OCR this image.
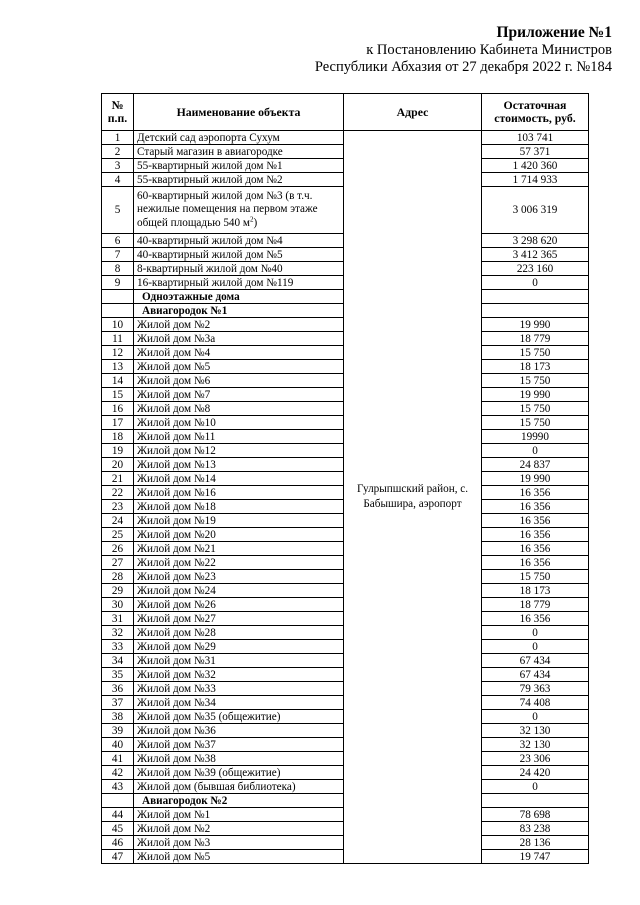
Приложение №1
к Постановлению Кабинета Министров
Республики Абхазия от 27 декабря 2022 г. №184
№
п.п.	Наименование объекта	Адрес	Остаточная стоимость, руб.
1	Детский сад аэропорта Сухум	Гулрыпшский район, с. Бабышира, аэропорт	103 741
2	Старый магазин в авиагородке		57 371
3	55-квартирный жилой дом №1		1 420 360
4	55-квартирный жилой дом №2		1 714 933
5	60-квартирный жилой дом №3 (в т.ч. нежилые помещения на первом этаже общей площадью 540 $м^2$)		3 006 319
6	40-квартирный жилой дом №4		3 298 620
7	40-квартирный жилой дом №5		3 412 365
8	8-квартирный жилой дом №40		223 160
9	16-квартирный жилой дом №119		0
	Одноэтажные дома		
	Авиагородок №1		
10	Жилой дом №2		19 990
11	Жилой дом №3а		18 779
12	Жилой дом №4		15 750
13	Жилой дом №5		18 173
14	Жилой дом №6		15 750
15	Жилой дом №7		19 990
16	Жилой дом №8		15 750
17	Жилой дом №10		15 750
18	Жилой дом №11		19990
19	Жилой дом №12		0
20	Жилой дом №13		24 837
21	Жилой дом №14		19 990
22	Жилой дом №16		16 356
23	Жилой дом №18		16 356
24	Жилой дом №19		16 356
25	Жилой дом №20		16 356
26	Жилой дом №21		16 356
27	Жилой дом №22		16 356
28	Жилой дом №23		15 750
29	Жилой дом №24		18 173
30	Жилой дом №26		18 779
31	Жилой дом №27		16 356
32	Жилой дом №28		0
33	Жилой дом №29		0
34	Жилой дом №31		67 434
35	Жилой дом №32		67 434
36	Жилой дом №33		79 363
37	Жилой дом №34		74 408
38	Жилой дом №35 (общежитие)		0
39	Жилой дом №36		32 130
40	Жилой дом №37		32 130
41	Жилой дом №38		23 306
42	Жилой дом №39 (общежитие)		24 420
43	Жилой дом (бывшая библиотека)		0
	Авиагородок №2		
44	Жилой дом №1		78 698
45	Жилой дом №2		83 238
46	Жилой дом №3		28 136
47	Жилой дом №5		19 747
